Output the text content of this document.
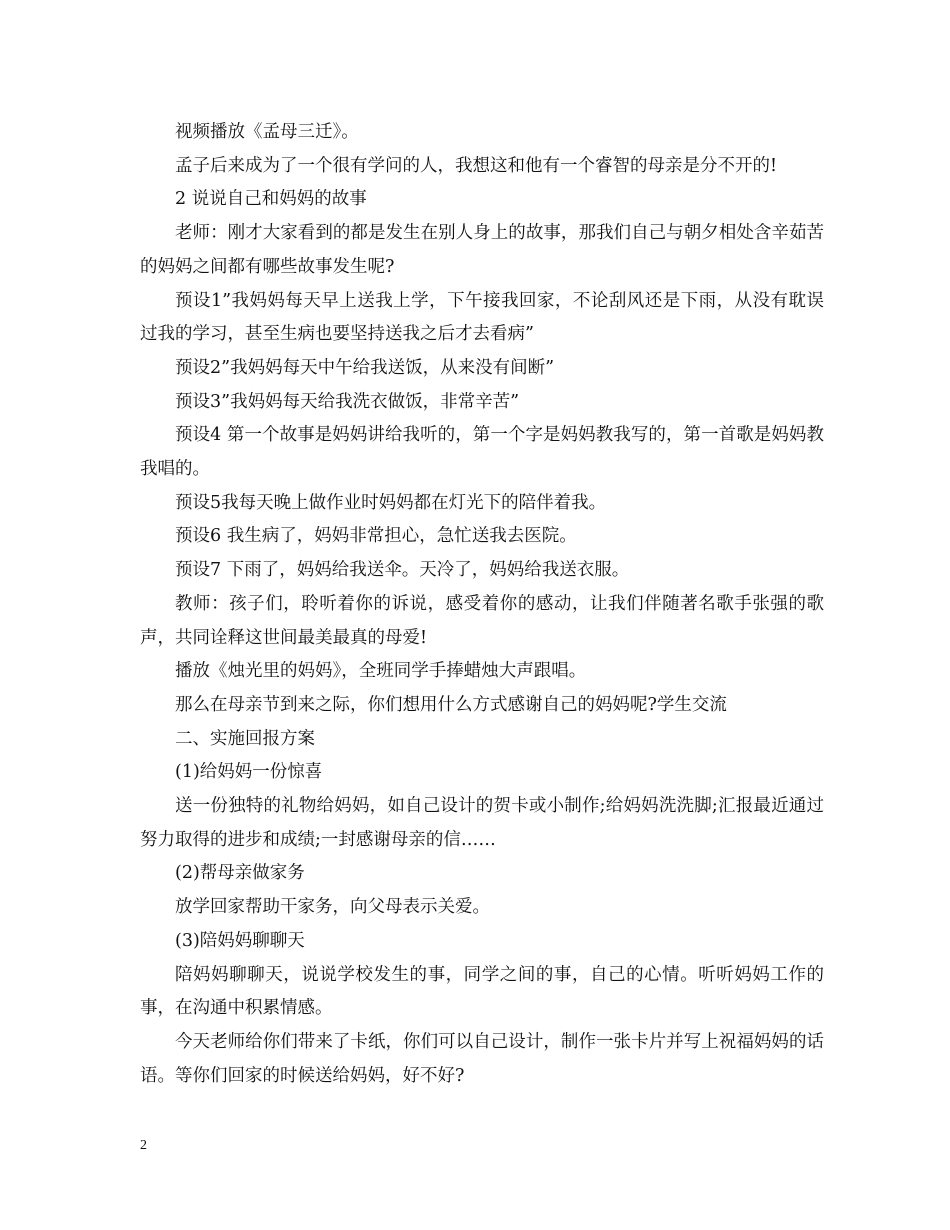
视频播放《孟母三迁》。

孟子后来成为了一个很有学问的人，我想这和他有一个睿智的母亲是分不开的!

2 说说自己和妈妈的故事

老师：刚才大家看到的都是发生在别人身上的故事，那我们自己与朝夕相处含辛茹苦的妈妈之间都有哪些故事发生呢?

预设1”我妈妈每天早上送我上学，下午接我回家，不论刮风还是下雨，从没有耽误过我的学习，甚至生病也要坚持送我之后才去看病”

预设2”我妈妈每天中午给我送饭，从来没有间断”

预设3”我妈妈每天给我洗衣做饭，非常辛苦”

预设4 第一个故事是妈妈讲给我听的，第一个字是妈妈教我写的，第一首歌是妈妈教我唱的。

预设5我每天晚上做作业时妈妈都在灯光下的陪伴着我。

预设6 我生病了，妈妈非常担心，急忙送我去医院。

预设7 下雨了，妈妈给我送伞。天冷了，妈妈给我送衣服。

教师：孩子们，聆听着你的诉说，感受着你的感动，让我们伴随著名歌手张强的歌声，共同诠释这世间最美最真的母爱!

播放《烛光里的妈妈》，全班同学手捧蜡烛大声跟唱。

那么在母亲节到来之际，你们想用什么方式感谢自己的妈妈呢?学生交流

二、实施回报方案

(1)给妈妈一份惊喜

送一份独特的礼物给妈妈，如自己设计的贺卡或小制作;给妈妈洗洗脚;汇报最近通过努力取得的进步和成绩;一封感谢母亲的信……

(2)帮母亲做家务

放学回家帮助干家务，向父母表示关爱。

(3)陪妈妈聊聊天

陪妈妈聊聊天，说说学校发生的事，同学之间的事，自己的心情。听听妈妈工作的事，在沟通中积累情感。

今天老师给你们带来了卡纸，你们可以自己设计，制作一张卡片并写上祝福妈妈的话语。等你们回家的时候送给妈妈，好不好?

2
